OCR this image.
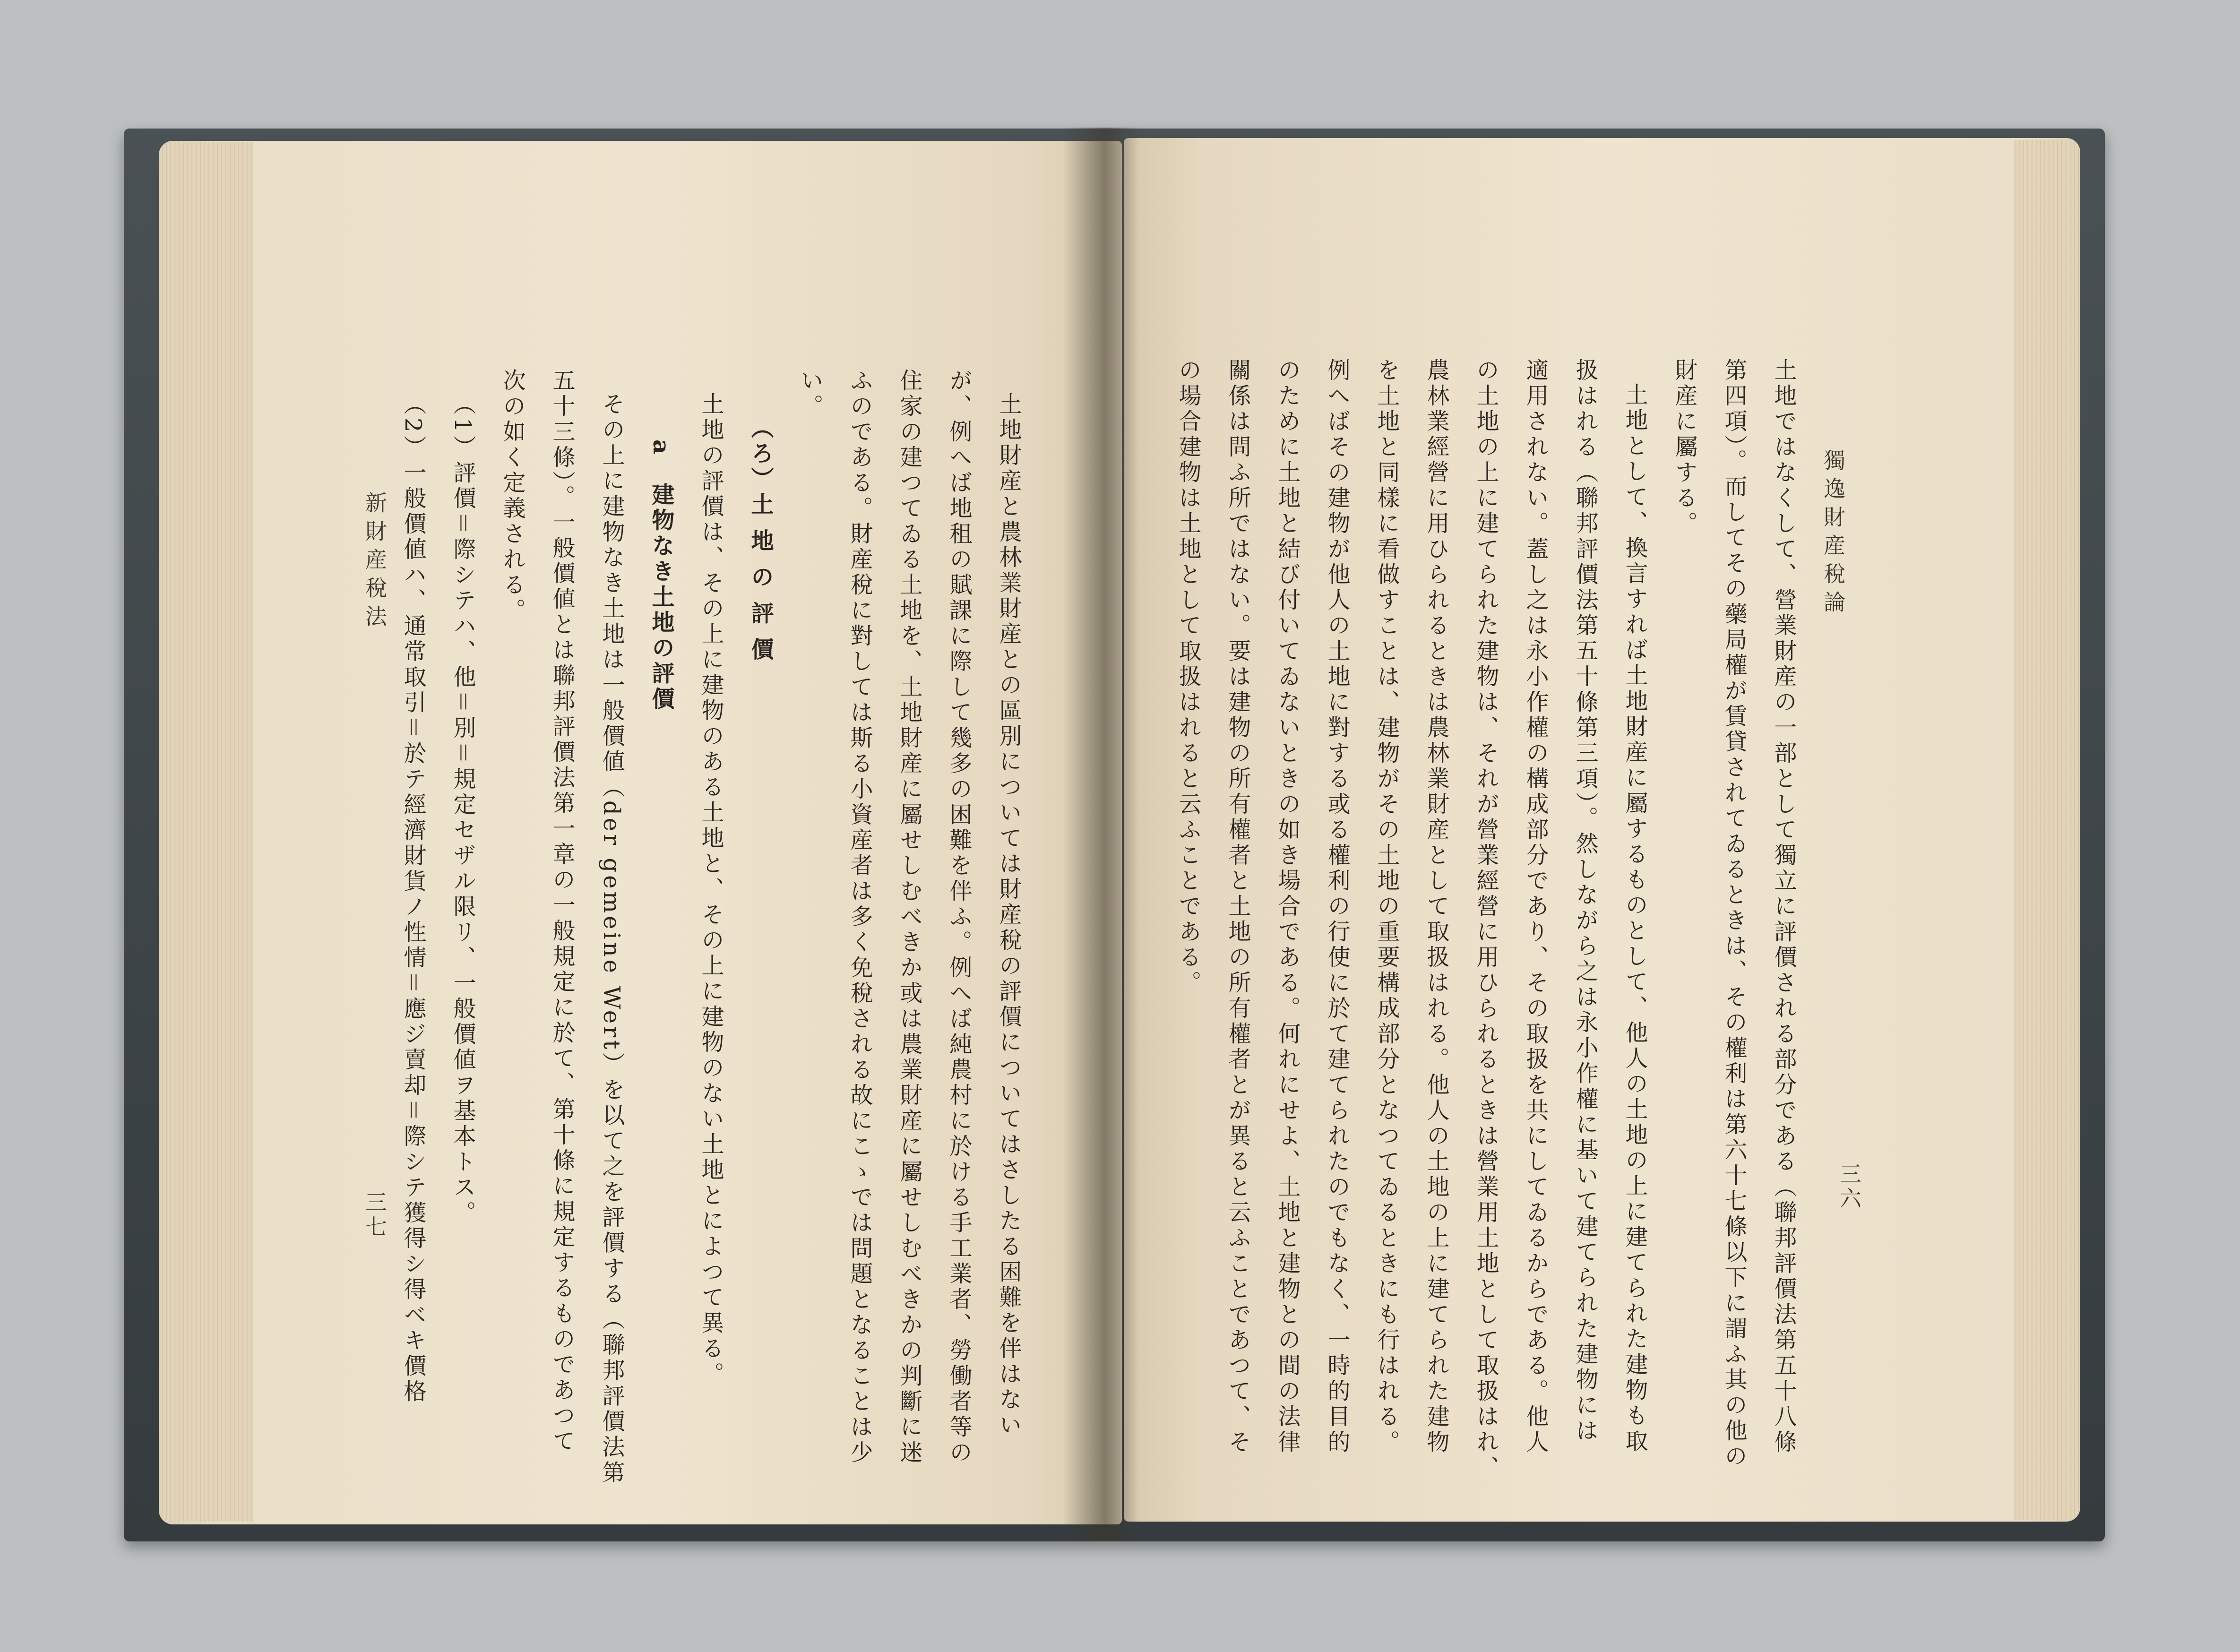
獨逸財産稅論
三六
土地ではなくして、營業財産の一部として獨立に評價される部分である（聯邦評價法第五十八條
第四項）。而してその藥局權が賃貸されてゐるときは、その權利は第六十七條以下に謂ふ其の他の
財産に屬する。
土地として、換言すれば土地財産に屬するものとして、他人の土地の上に建てられた建物も取
扱はれる（聯邦評價法第五十條第三項）。然しながら之は永小作權に基いて建てられた建物には
適用されない。蓋し之は永小作權の構成部分であり、その取扱を共にしてゐるからである。他人
の土地の上に建てられた建物は、それが營業經營に用ひられるときは營業用土地として取扱はれ、
農林業經營に用ひられるときは農林業財産として取扱はれる。他人の土地の上に建てられた建物
を土地と同樣に看做すことは、建物がその土地の重要構成部分となつてゐるときにも行はれる。
例へばその建物が他人の土地に對する或る權利の行使に於て建てられたのでもなく、一時的目的
のために土地と結び付いてゐないときの如き場合である。何れにせよ、土地と建物との間の法律
關係は問ふ所ではない。要は建物の所有權者と土地の所有權者とが異ると云ふことであつて、そ
の場合建物は土地として取扱はれると云ふことである。
新財産稅法
三七	土地財産と農林業財産との區別については財産稅の評價についてはさしたる困難を伴はない
が、例へば地租の賦課に際して幾多の困難を伴ふ。例へば純農村に於ける手工業者、勞働者等の
住家の建つてゐる土地を、土地財産に屬せしむべきか或は農業財産に屬せしむべきかの判斷に迷
ふのである。財産稅に對しては斯る小資産者は多く免稅される故にこゝでは問題となることは少
い。
（ろ）土 地 の 評 價
土地の評價は、その上に建物のある土地と、その上に建物のない土地とによつて異る。
a　建物なき土地の評價
その上に建物なき土地は一般價値（der gemeine Wert）を以て之を評價する（聯邦評價法第
五十三條）。一般價値とは聯邦評價法第一章の一般規定に於て、第十條に規定するものであつて
次の如く定義される。
（1）評價＝際シテハ、他＝別＝規定セザル限リ、一般價値ヲ基本トス。
（2）一般價値ハ、通常取引＝於テ經濟財貨ノ性情＝應ジ賣却＝際シテ獲得シ得ベキ價格
